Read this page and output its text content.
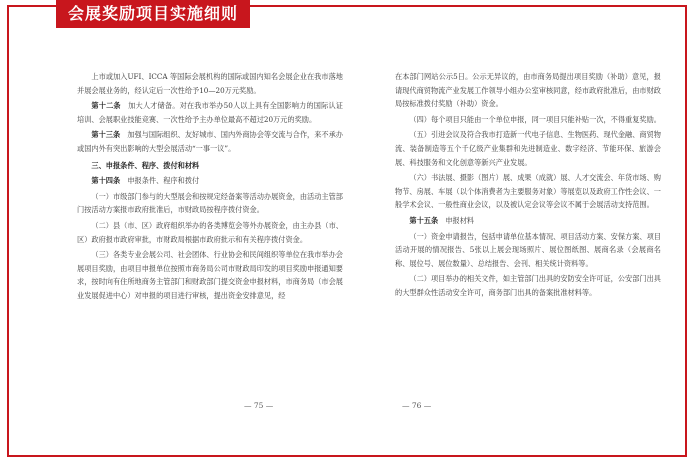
会展奖励项目实施细则
上市或加入UFI、ICCA 等国际会展机构的国际或国内知名会展企业在我市落地并展会展业务的，经认定后一次性给予10—20万元奖励。
第十二条　 加大人才储备。对在我市举办50人以上具有全国影响力的国际认证培训、会展职业技能竞赛、一次性给予主办单位最高不超过20万元的奖励。
第十三条　 加强与国际组织、友好城市、国内外商协会等交流与合作，来不承办或国内外有突出影响的大型会展活动“一事一议”。
三、申报条件、程序、拨付和材料
第十四条　 申报条件、程序和拨付
（一）市级部门参与的大型展会和按规定经备案等活动办展资金，由活动主管部门按活动方案报市政府批准后，市财政局按程序拨付资金。
（二）县（市、区）政府组织举办的各类博览会等外办展资金，由主办县（市、区）政府报市政府审批，市财政局根据市政府批示和有关程序拨付资金。
（三）各类专业会展公司、社会团体、行业协会和民间组织等单位在我市举办会展项目奖励，由项目申报单位按照市商务局公司市财政局印发的项目奖励申报通知要求，按时向有住所地商务主管部门和财政部门提交资金申报材料，市商务局（市会展业发展促进中心）对申报的项目进行审核，提出资金安排意见，经
— 75 —
在本部门网站公示5日。公示无异议的，由市商务局提出项目奖励（补助）意见，报请现代商贸物流产业发展工作领导小组办公室审核同意，经市政府批准后，由市财政局按标准拨付奖励（补助）资金。
（四）每个项目只能由一个单位申报，同一项目只能补贴一次，不得重复奖励。
（五）引进会议及符合我市打造新一代电子信息、生物医药、现代金融、商贸物流、装备制造等五个千亿级产业集群和先进制造业、数字经济、节能环保、旅游会展、科技服务和文化创意等新兴产业发展。
（六）书法展、摄影（图片）展、成果（成就）展、人才交流会、年货市场、购物节、房展、车展（以个体消费者为主要服务对象）等展览以及政府工作性会议、一般学术会议、一般性商业会议，以及被认定会议等会议不属于会展活动支持范围。
第十五条　 申报材料
（一）资金申请报告，包括申请单位基本情况、项目活动方案、安保方案、项目活动开展的情况报告、5张以上展会现场照片、展位图纸图、展商名录（会展商名称、展位号、展位数量）、总结报告、会刊、相关统计资料等。
（二）项目举办的相关文件，如主管部门出具的安防安全许可证，公安部门出具的大型群众性活动安全许可，商务部门出具的备案批准材料等。
— 76 —
